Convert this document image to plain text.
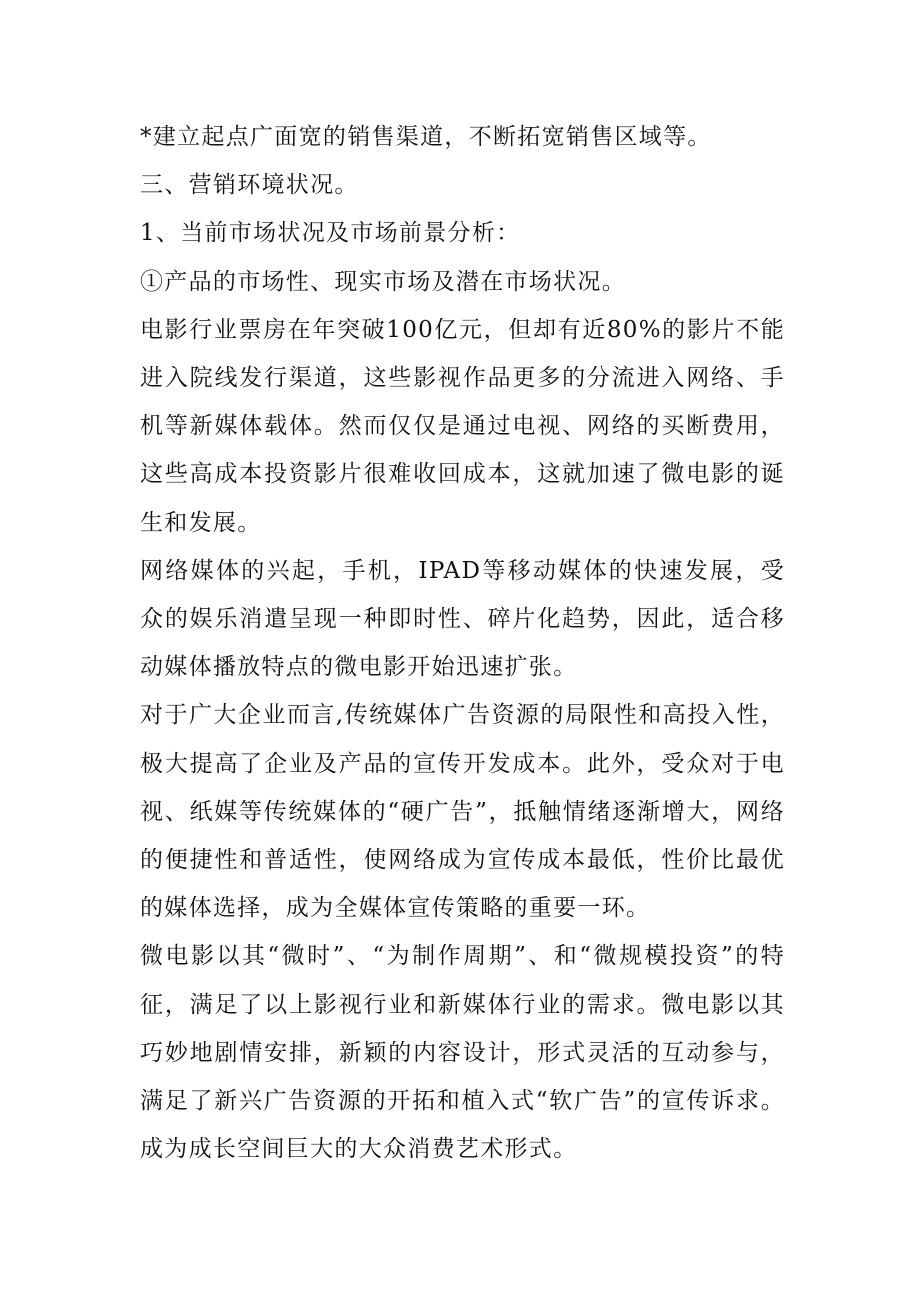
*建立起点广面宽的销售渠道，不断拓宽销售区域等。

三、营销环境状况。

1、当前市场状况及市场前景分析：

①产品的市场性、现实市场及潜在市场状况。

电影行业票房在年突破100亿元，但却有近80%的影片不能进入院线发行渠道，这些影视作品更多的分流进入网络、手机等新媒体载体。然而仅仅是通过电视、网络的买断费用，这些高成本投资影片很难收回成本，这就加速了微电影的诞生和发展。

网络媒体的兴起，手机，IPAD等移动媒体的快速发展，受众的娱乐消遣呈现一种即时性、碎片化趋势，因此，适合移动媒体播放特点的微电影开始迅速扩张。

对于广大企业而言,传统媒体广告资源的局限性和高投入性，极大提高了企业及产品的宣传开发成本。此外，受众对于电视、纸媒等传统媒体的“硬广告”，抵触情绪逐渐增大，网络的便捷性和普适性，使网络成为宣传成本最低，性价比最优的媒体选择，成为全媒体宣传策略的重要一环。

微电影以其“微时”、“为制作周期”、和“微规模投资”的特征，满足了以上影视行业和新媒体行业的需求。微电影以其巧妙地剧情安排，新颖的内容设计，形式灵活的互动参与，满足了新兴广告资源的开拓和植入式“软广告”的宣传诉求。成为成长空间巨大的大众消费艺术形式。
